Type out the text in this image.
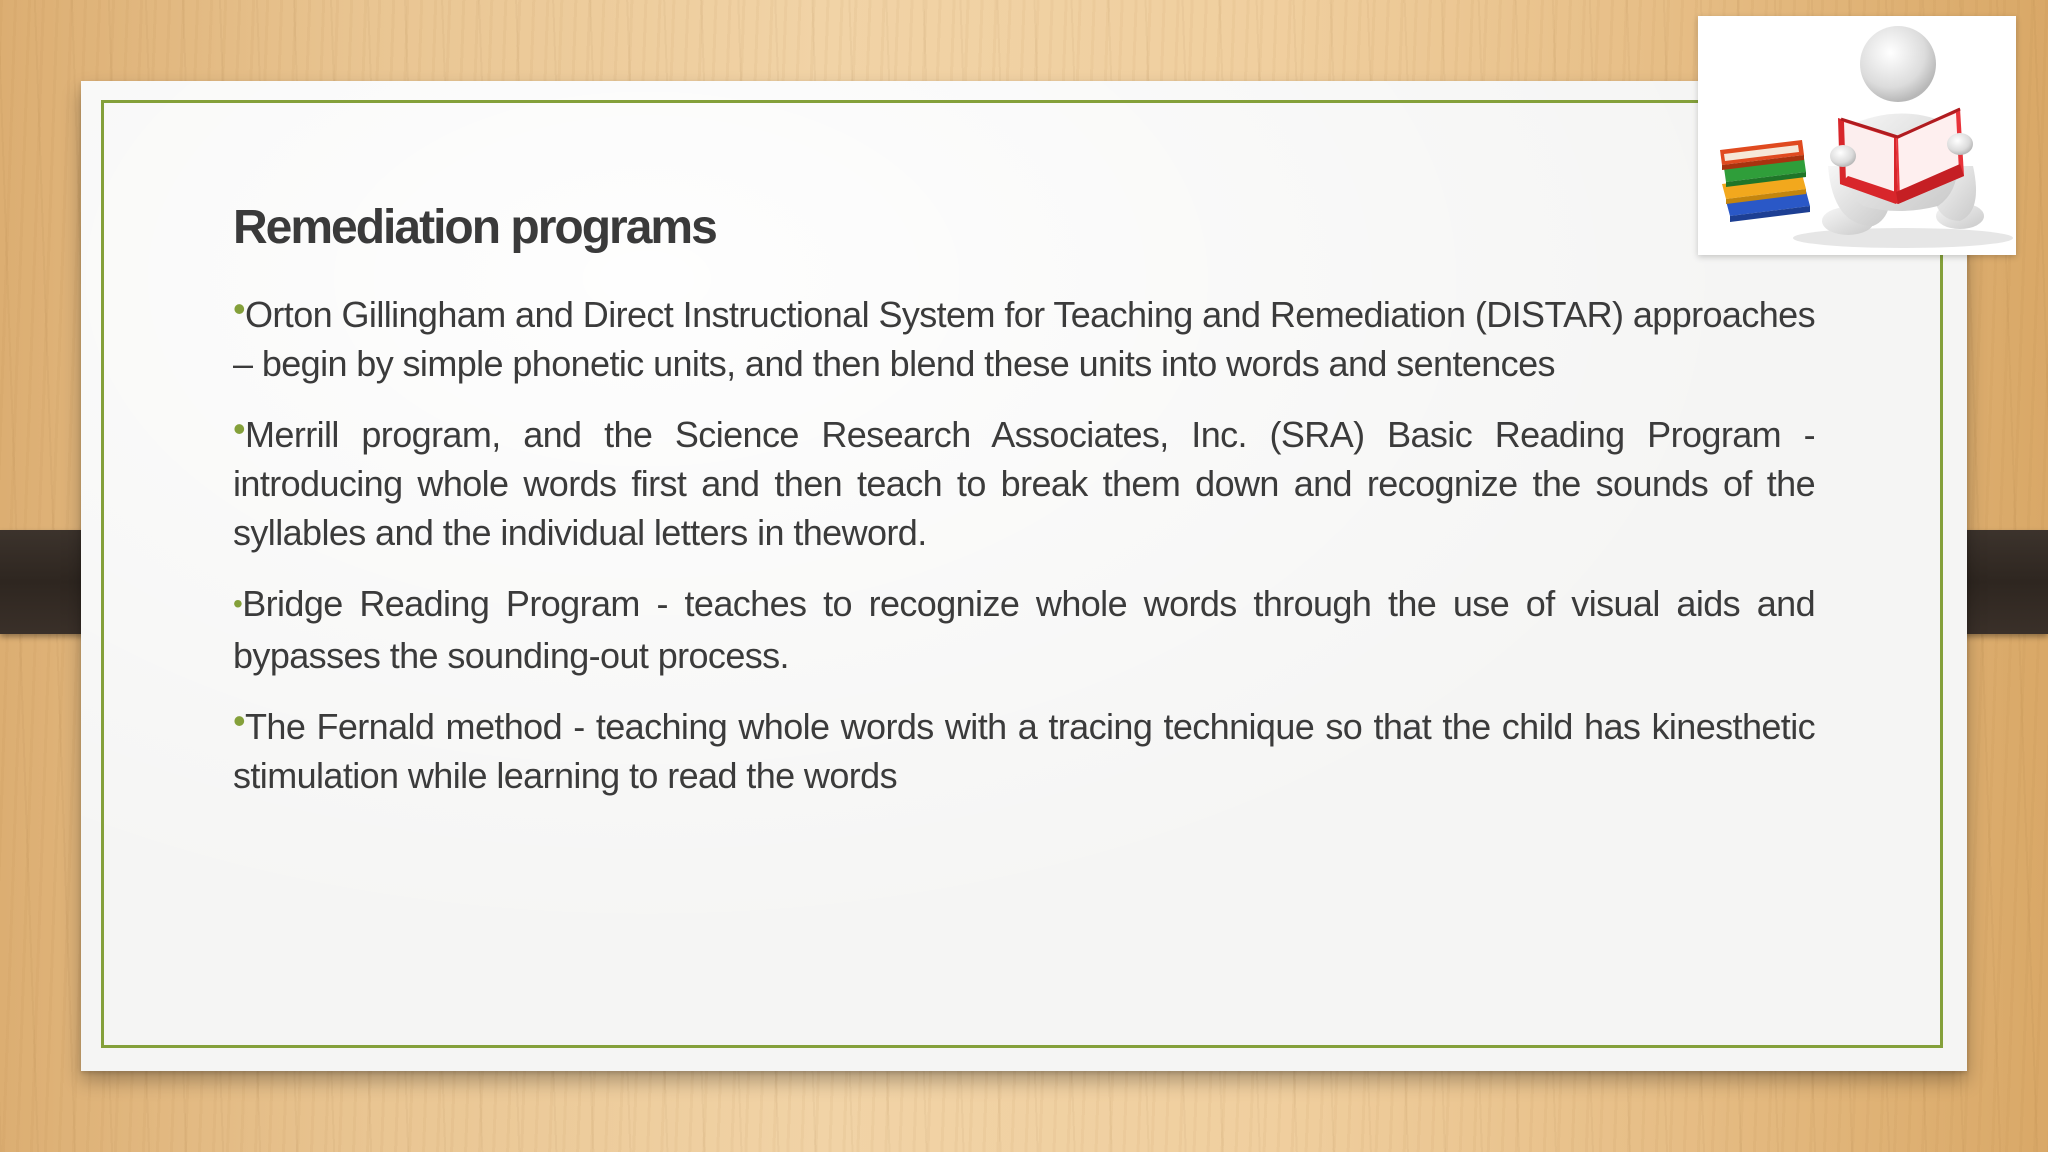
Remediation programs

•Orton Gillingham and Direct Instructional System for Teaching and Remediation (DISTAR) approaches – begin by simple phonetic units, and then blend these units into words and sentences

•Merrill program, and the Science Research Associates, Inc. (SRA) Basic Reading Program - introducing whole words first and then teach to break them down and recognize the sounds of the syllables and the individual letters in theword.

•Bridge Reading Program - teaches to recognize whole words through the use of visual aids and bypasses the sounding-out process.

•The Fernald method - teaching whole words with a tracing technique so that the child has kinesthetic stimulation while learning to read the words
